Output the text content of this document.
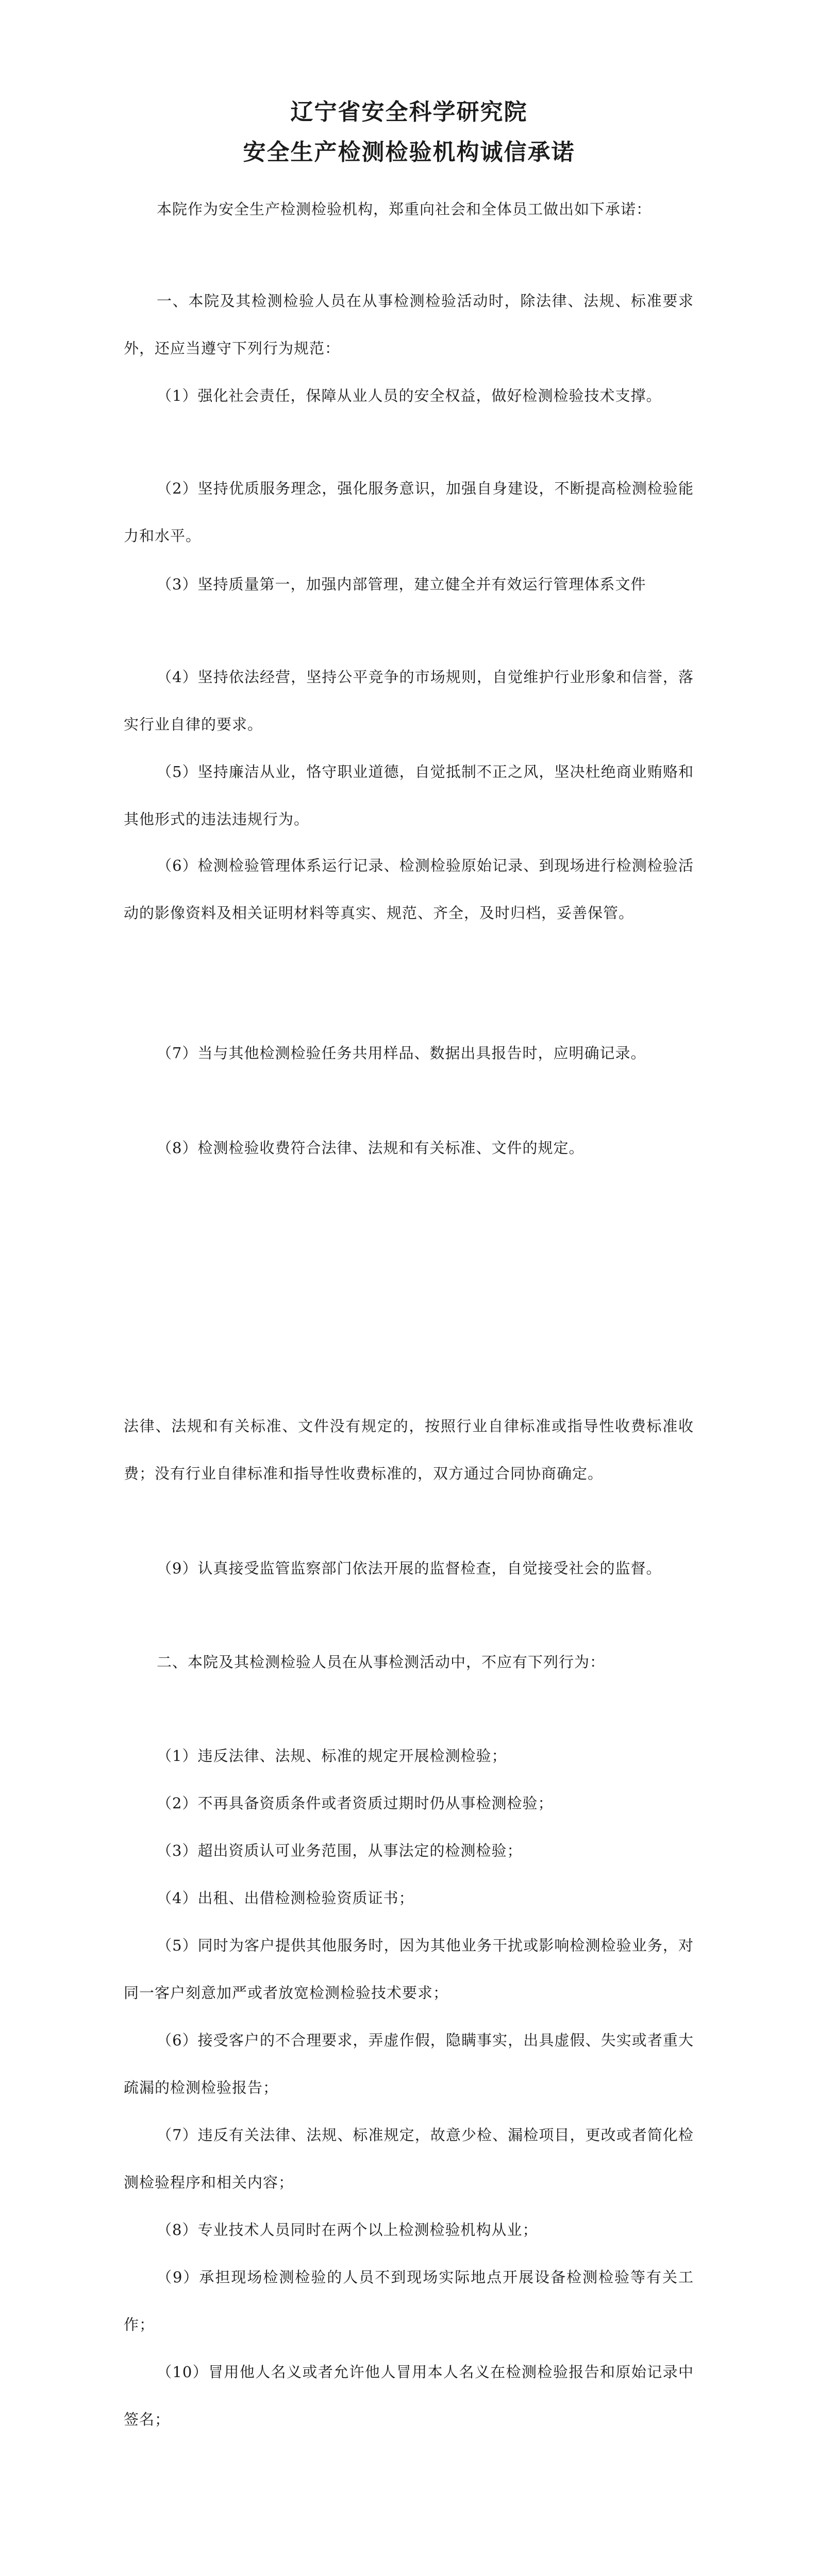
辽宁省安全科学研究院
安全生产检测检验机构诚信承诺

本院作为安全生产检测检验机构，郑重向社会和全体员工做出如下承诺：

一、本院及其检测检验人员在从事检测检验活动时，除法律、法规、标准要求外，还应当遵守下列行为规范：

（1）强化社会责任，保障从业人员的安全权益，做好检测检验技术支撑。

（2）坚持优质服务理念，强化服务意识，加强自身建设，不断提高检测检验能力和水平。

（3）坚持质量第一，加强内部管理，建立健全并有效运行管理体系文件

（4）坚持依法经营，坚持公平竞争的市场规则，自觉维护行业形象和信誉，落实行业自律的要求。

（5）坚持廉洁从业，恪守职业道德，自觉抵制不正之风，坚决杜绝商业贿赂和其他形式的违法违规行为。

（6）检测检验管理体系运行记录、检测检验原始记录、到现场进行检测检验活动的影像资料及相关证明材料等真实、规范、齐全，及时归档，妥善保管。

（7）当与其他检测检验任务共用样品、数据出具报告时，应明确记录。

（8）检测检验收费符合法律、法规和有关标准、文件的规定。

法律、法规和有关标准、文件没有规定的，按照行业自律标准或指导性收费标准收费；没有行业自律标准和指导性收费标准的，双方通过合同协商确定。

（9）认真接受监管监察部门依法开展的监督检查，自觉接受社会的监督。

二、本院及其检测检验人员在从事检测活动中，不应有下列行为：

（1）违反法律、法规、标准的规定开展检测检验；

（2）不再具备资质条件或者资质过期时仍从事检测检验；

（3）超出资质认可业务范围，从事法定的检测检验；

（4）出租、出借检测检验资质证书；

（5）同时为客户提供其他服务时，因为其他业务干扰或影响检测检验业务，对同一客户刻意加严或者放宽检测检验技术要求；

（6）接受客户的不合理要求，弄虚作假，隐瞒事实，出具虚假、失实或者重大疏漏的检测检验报告；

（7）违反有关法律、法规、标准规定，故意少检、漏检项目，更改或者简化检测检验程序和相关内容；

（8）专业技术人员同时在两个以上检测检验机构从业；

（9）承担现场检测检验的人员不到现场实际地点开展设备检测检验等有关工作；

（10）冒用他人名义或者允许他人冒用本人名义在检测检验报告和原始记录中签名；
